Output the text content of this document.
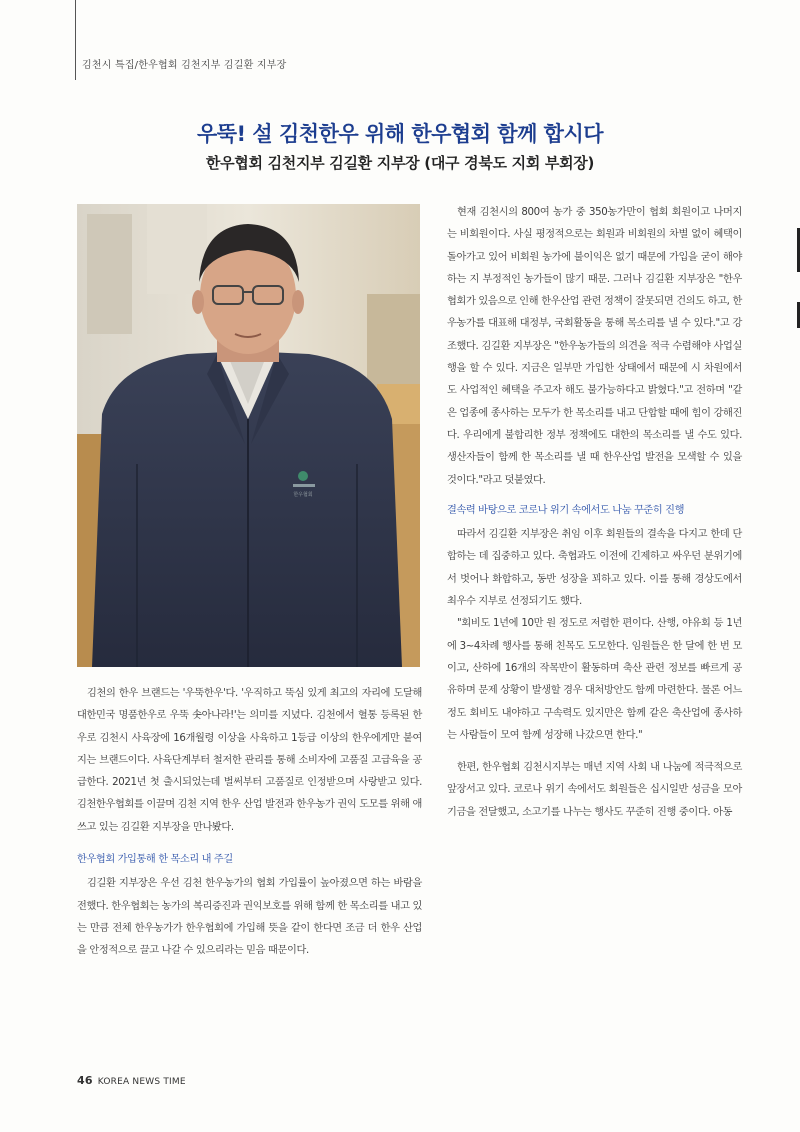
김천시 특집/한우협회 김천지부 김길환 지부장
우뚝! 설 김천한우 위해 한우협회 함께 합시다
한우협회 김천지부 김길환 지부장 (대구 경북도 지회 부회장)
한우협회

현재 김천시의 800여 농가 중 350농가만이 협회 회원이고 나머지는 비회원이다. 사실 평정적으로는 회원과 비회원의 차별 없이 혜택이 돌아가고 있어 비회원 농가에 불이익은 없기 때문에 가입을 굳이 해야 하는 지 부정적인 농가들이 많기 때문. 그러나 김길환 지부장은 "한우협회가 있음으로 인해 한우산업 관련 정책이 잘못되면 건의도 하고, 한우농가를 대표해 대정부, 국회활동을 통해 목소리를 낼 수 있다."고 강조했다. 김길환 지부장은 "한우농가들의 의견을 적극 수렴해야 사업실행을 할 수 있다. 지금은 일부만 가입한 상태에서 때문에 시 차원에서도 사업적인 혜택을 주고자 해도 불가능하다고 밝혔다."고 전하며 "같은 업종에 종사하는 모두가 한 목소리를 내고 단합할 때에 힘이 강해진다. 우리에게 불합리한 정부 정책에도 대한의 목소리를 낼 수도 있다. 생산자들이 함께 한 목소리를 낼 때 한우산업 발전을 모색할 수 있을 것이다."라고 덧붙였다.

결속력 바탕으로 코로나 위기 속에서도 나눔 꾸준히 진행

따라서 김길환 지부장은 취임 이후 회원들의 결속을 다지고 한데 단합하는 데 집중하고 있다. 축협과도 이전에 긴제하고 싸우던 분위기에서 벗어나 화합하고, 동반 성장을 꾀하고 있다. 이를 통해 경상도에서 최우수 지부로 선정되기도 했다.

"회비도 1년에 10만 원 정도로 저렴한 편이다. 산행, 야유회 등 1년에 3~4차례 행사를 통해 친목도 도모한다. 임원들은 한 달에 한 번 모이고, 산하에 16개의 작목반이 활동하며 축산 관련 정보를 빠르게 공유하며 문제 상황이 발생할 경우 대처방안도 함께 마련한다. 물론 어느 정도 회비도 내야하고 구속력도 있지만은 함께 같은 축산업에 종사하는 사람들이 모여 함께 성장해 나갔으면 한다."

한편, 한우협회 김천시지부는 매년 지역 사회 내 나눔에 적극적으로 앞장서고 있다. 코로나 위기 속에서도 회원들은 십시일반 성금을 모아 기금을 전달했고, 소고기를 나누는 행사도 꾸준히 진행 중이다. 아동

김천의 한우 브랜드는 '우뚝한우'다. '우직하고 뚝심 있게 최고의 자리에 도달해 대한민국 명품한우로 우뚝 솟아나라!'는 의미를 지녔다. 김천에서 혈통 등록된 한우로 김천시 사육장에 16개월령 이상을 사육하고 1등급 이상의 한우에게만 붙여지는 브랜드이다. 사육단계부터 철저한 관리를 통해 소비자에 고품질 고급육을 공급한다. 2021년 첫 출시되었는데 벌써부터 고품질로 인정받으며 사랑받고 있다. 김천한우협회를 이끌며 김천 지역 한우 산업 발전과 한우농가 권익 도모를 위해 애쓰고 있는 김길환 지부장을 만나봤다.

한우협회 가입통해 한 목소리 내 주길

김길환 지부장은 우선 김천 한우농가의 협회 가입률이 높아졌으면 하는 바람을 전했다. 한우협회는 농가의 복리증진과 권익보호를 위해 함께 한 목소리를 내고 있는 만큼 전체 한우농가가 한우협회에 가입해 뜻을 같이 한다면 조금 더 한우 산업을 안정적으로 끌고 나갈 수 있으리라는 믿음 때문이다.

46 KOREA NEWS TIME
